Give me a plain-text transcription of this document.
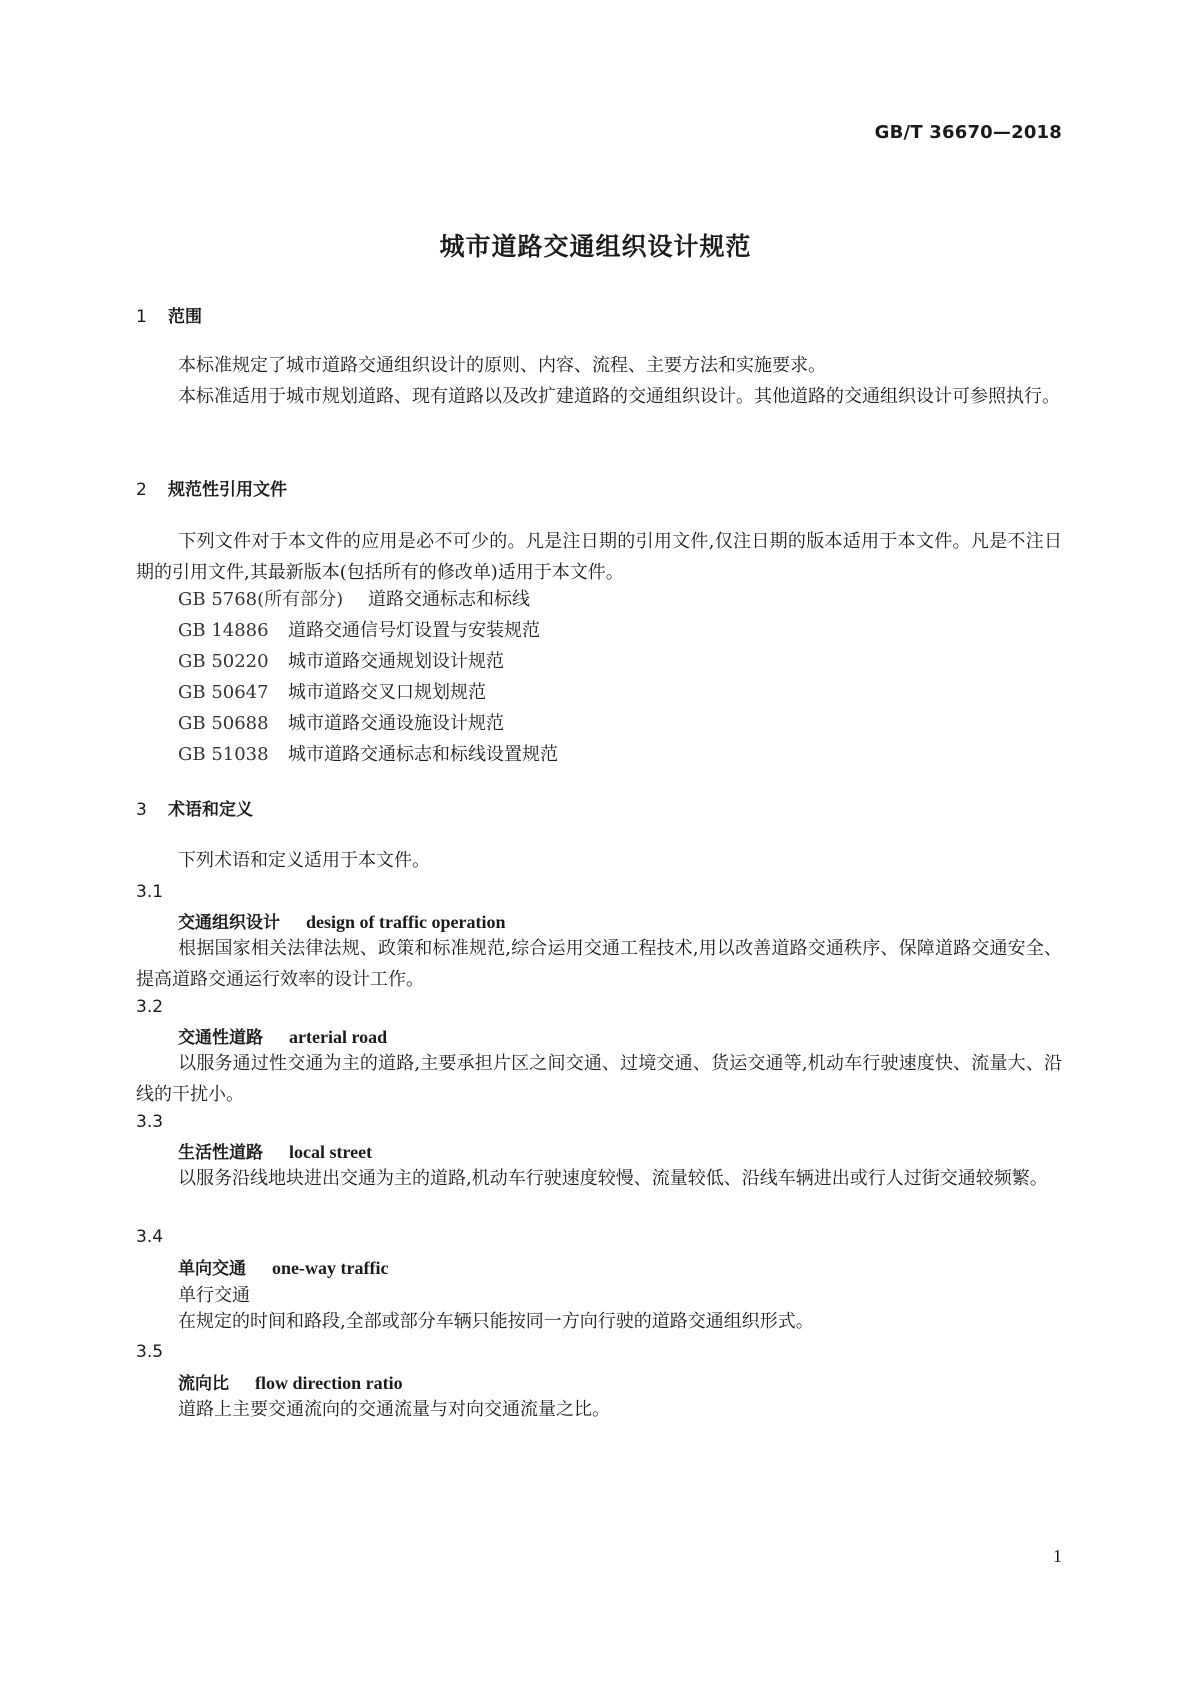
GB/T 36670—2018
城市道路交通组织设计规范
1 范围
本标准规定了城市道路交通组织设计的原则、内容、流程、主要方法和实施要求。
本标准适用于城市规划道路、现有道路以及改扩建道路的交通组织设计。其他道路的交通组织设计可参照执行。
2 规范性引用文件
下列文件对于本文件的应用是必不可少的。凡是注日期的引用文件,仅注日期的版本适用于本文件。凡是不注日期的引用文件,其最新版本(包括所有的修改单)适用于本文件。
GB 5768(所有部分) 道路交通标志和标线
GB 14886 道路交通信号灯设置与安装规范
GB 50220 城市道路交通规划设计规范
GB 50647 城市道路交叉口规划规范
GB 50688 城市道路交通设施设计规范
GB 51038 城市道路交通标志和标线设置规范
3 术语和定义
下列术语和定义适用于本文件。
3.1
交通组织设计 design of traffic operation
根据国家相关法律法规、政策和标准规范,综合运用交通工程技术,用以改善道路交通秩序、保障道路交通安全、提高道路交通运行效率的设计工作。
3.2
交通性道路 arterial road
以服务通过性交通为主的道路,主要承担片区之间交通、过境交通、货运交通等,机动车行驶速度快、流量大、沿线的干扰小。
3.3
生活性道路 local street
以服务沿线地块进出交通为主的道路,机动车行驶速度较慢、流量较低、沿线车辆进出或行人过街交通较频繁。
3.4
单向交通 one-way traffic
单行交通
在规定的时间和路段,全部或部分车辆只能按同一方向行驶的道路交通组织形式。
3.5
流向比 flow direction ratio
道路上主要交通流向的交通流量与对向交通流量之比。
1
